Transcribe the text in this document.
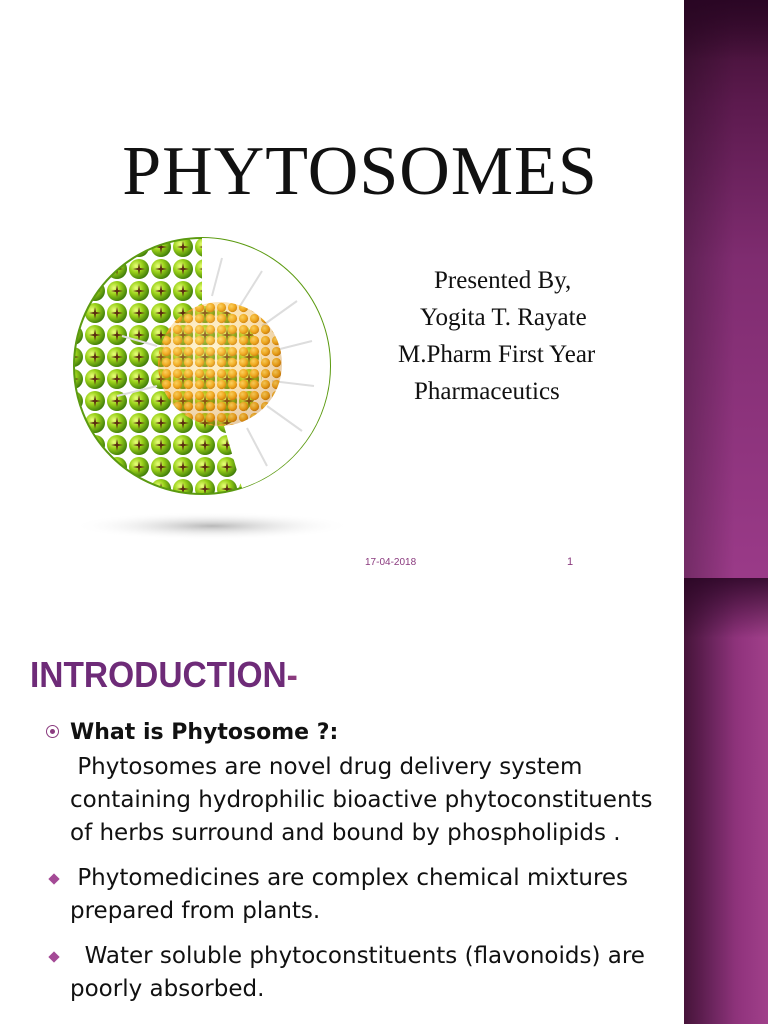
PHYTOSOMES
Presented By,
Yogita T. Rayate
M.Pharm First Year
Pharmaceutics
17-04-2018	1
INTRODUCTION-
What is Phytosome ?:
Phytosomes are novel drug delivery system containing hydrophilic bioactive phytoconstituents of herbs surround and bound by phospholipids .
Phytomedicines are complex chemical mixtures prepared from plants.
Water soluble phytoconstituents (flavonoids) are poorly absorbed.
